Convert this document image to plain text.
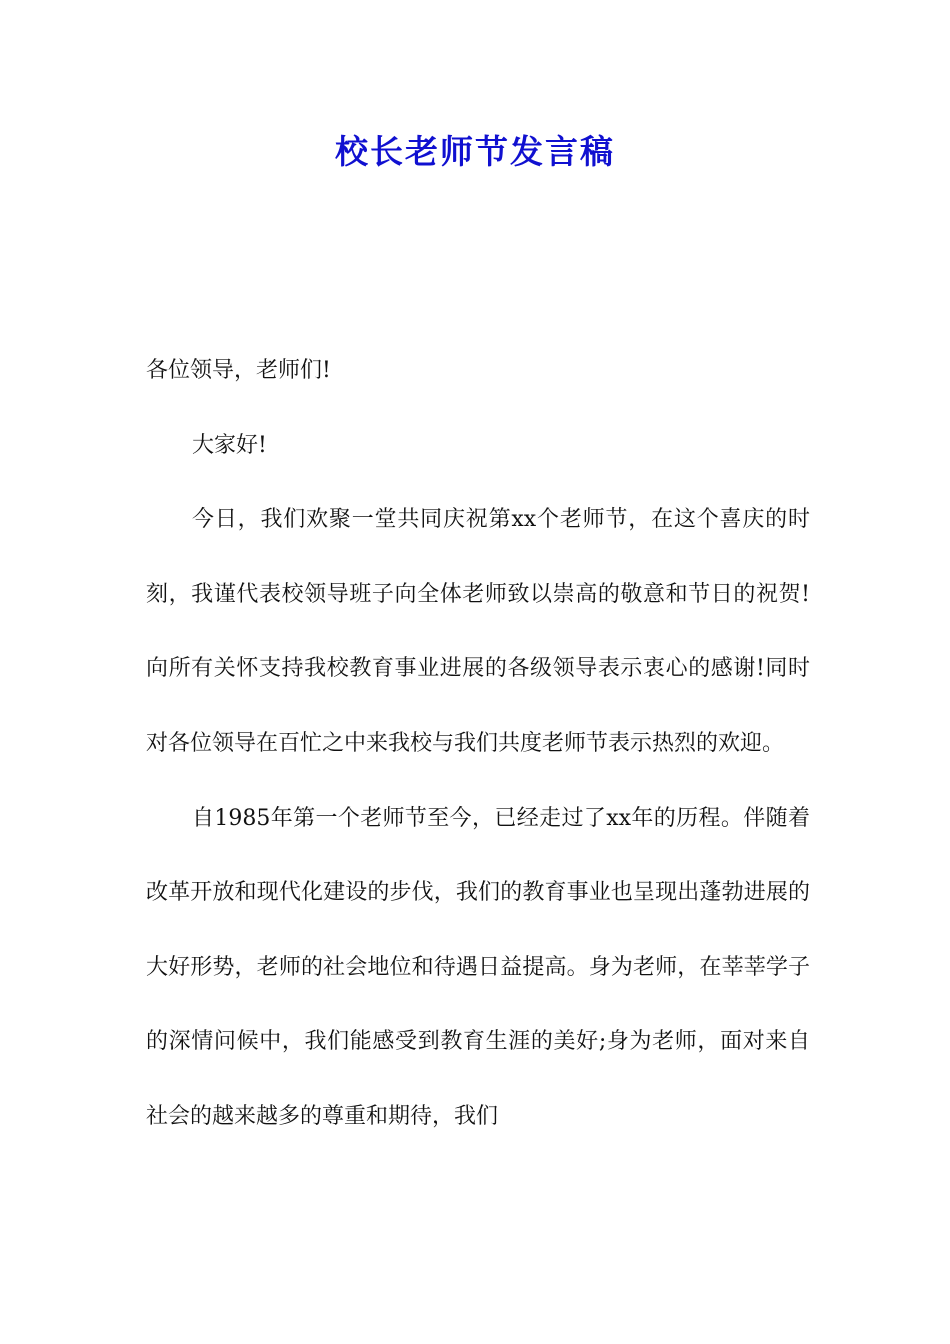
校长老师节发言稿

各位领导，老师们!

大家好!

今日，我们欢聚一堂共同庆祝第xx个老师节，在这个喜庆的时刻，我谨代表校领导班子向全体老师致以崇高的敬意和节日的祝贺!向所有关怀支持我校教育事业进展的各级领导表示衷心的感谢!同时对各位领导在百忙之中来我校与我们共度老师节表示热烈的欢迎。

自1985年第一个老师节至今，已经走过了xx年的历程。伴随着改革开放和现代化建设的步伐，我们的教育事业也呈现出蓬勃进展的大好形势，老师的社会地位和待遇日益提高。身为老师，在莘莘学子的深情问候中，我们能感受到教育生涯的美好;身为老师，面对来自社会的越来越多的尊重和期待，我们
